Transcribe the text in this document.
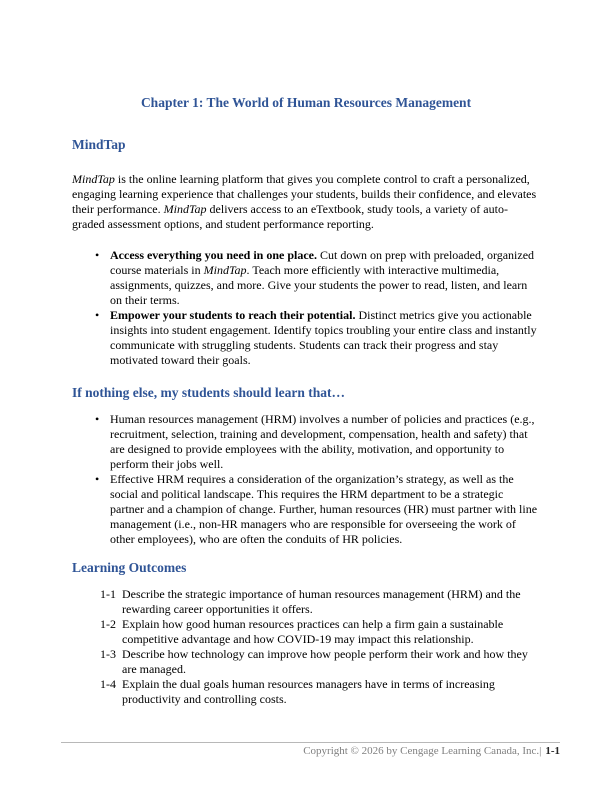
Chapter 1: The World of Human Resources Management
MindTap

MindTap is the online learning platform that gives you complete control to craft a personalized, engaging learning experience that challenges your students, builds their confidence, and elevates their performance. MindTap delivers access to an eTextbook, study tools, a variety of auto-graded assessment options, and student performance reporting.

• Access everything you need in one place. Cut down on prep with preloaded, organized course materials in MindTap. Teach more efficiently with interactive multimedia, assignments, quizzes, and more. Give your students the power to read, listen, and learn on their terms.
• Empower your students to reach their potential. Distinct metrics give you actionable insights into student engagement. Identify topics troubling your entire class and instantly communicate with struggling students. Students can track their progress and stay motivated toward their goals.
If nothing else, my students should learn that…
• Human resources management (HRM) involves a number of policies and practices (e.g., recruitment, selection, training and development, compensation, health and safety) that are designed to provide employees with the ability, motivation, and opportunity to perform their jobs well.
• Effective HRM requires a consideration of the organization’s strategy, as well as the social and political landscape. This requires the HRM department to be a strategic partner and a champion of change. Further, human resources (HR) must partner with line management (i.e., non-HR managers who are responsible for overseeing the work of other employees), who are often the conduits of HR policies.
Learning Outcomes
1-1 Describe the strategic importance of human resources management (HRM) and the rewarding career opportunities it offers.
1-2 Explain how good human resources practices can help a firm gain a sustainable competitive advantage and how COVID-19 may impact this relationship.
1-3 Describe how technology can improve how people perform their work and how they are managed.
1-4 Explain the dual goals human resources managers have in terms of increasing productivity and controlling costs.
Copyright © 2026 by Cengage Learning Canada, Inc.| 1-1
